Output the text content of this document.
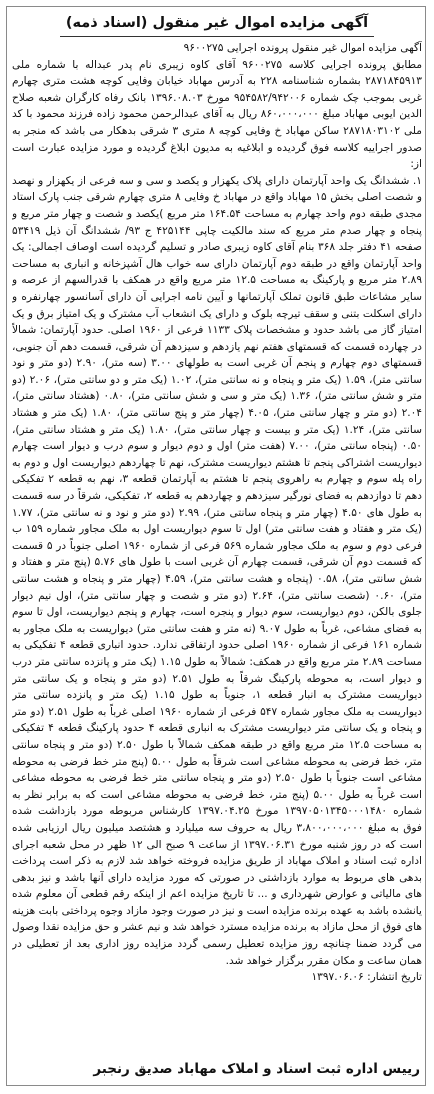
آگهی مزایده اموال غیر منقول (اسناد ذمه)

آگهی مزایده اموال غیر منقول پرونده اجرایی ۹۶۰۰۲۷۵

مطابق پرونده اجرایی کلاسه ۹۶۰۰۲۷۵ آقای کاوه زیبری نام پدر عبداله با شماره ملی ۲۸۷۱۸۴۵۹۱۳ بشماره شناسنامه ۲۲۸ به آدرس مهاباد خیابان وفایی کوچه هشت متری چهارم غربی بموجب چک شماره ۹۵۴۵۸۲/۹۴۲۰۰۶ مورخ ۱۳۹۶.۰۸.۰۳ بانک رفاه کارگران شعبه صلاح الدین ایوبی مهاباد مبلغ ۸۶۰،۰۰۰،۰۰۰ ریال به آقای عبدالرحمن محمود زاده فرزند محمود با کد ملی ۲۸۷۱۸۰۳۱۰۲ ساکن مهاباد خ وفایی کوچه ۸ متری ۳ شرقی بدهکار می باشد که منجر به صدور اجراییه کلاسه فوق گردیده و ابلاغیه به مدیون ابلاغ گردیده و مورد مزایده عبارت است از:

۱. ششدانگ یک واحد آپارتمان دارای پلاک یکهزار و یکصد و سی و سه فرعی از یکهزار و نهصد و شصت اصلی بخش ۱۵ مهاباد واقع در مهاباد خ وفایی ۸ متری چهارم شرقی جنب پارک استاد مجدی طبقه دوم واحد چهارم به مساحت ۱۶۴.۵۴ متر مربع )یکصد و شصت و چهار متر مربع و پنجاه و چهار صدم متر مربع که سند مالکیت چاپی ۴۲۵۱۴۴ ج ۹۳/ ششدانگ آن ذیل ۵۳۴۱۹ صفحه ۴۱ دفتر جلد ۳۶۸ بنام آقای کاوه زیبری صادر و تسلیم گردیده است اوصاف اجمالی: یک واحد آپارتمان واقع در طبقه دوم آپارتمان دارای سه خواب هال آشپزخانه و انباری به مساحت ۲.۸۹ متر مربع و پارکینگ به مساحت ۱۲.۵ متر مربع واقع در همکف با قدرالسهم از عرصه و سایر مشاعات طبق قانون تملک آپارتمانها و آیین نامه اجرایی آن دارای آسانسور چهارنفره و دارای اسکلت بتنی و سقف تیرچه بلوک و دارای یک انشعاب آب مشترک و یک امتیاز برق و یک امتیاز گاز می باشد حدود و مشخصات پلاک ۱۱۳۳ فرعی از ۱۹۶۰ اصلی. حدود آپارتمان: شمالاً در چهارده قسمت که قسمتهای هفتم نهم یازدهم و سیزدهم آن شرقی، قسمت دهم آن جنوبی، قسمتهای دوم چهارم و پنجم آن غربی است به طولهای ۳.۰۰ (سه متر)، ۲.۹۰ (دو متر و نود سانتی متر)، ۱.۵۹ (یک متر و پنجاه و نه سانتی متر)، ۱.۰۲ (یک متر و دو سانتی متر)، ۲.۰۶ (دو متر و شش سانتی متر)، ۱.۳۶ (یک متر و سی و شش سانتی متر)، ۰.۸۰ (هشتاد سانتی متر)، ۲.۰۴ (دو متر و چهار سانتی متر)، ۴.۰۵ (چهار متر و پنج سانتی متر)، ۱.۸۰ (یک متر و هشتاد سانتی متر)، ۱.۲۴ (یک متر و بیست و چهار سانتی متر)، ۱.۸۰ (یک متر و هشتاد سانتی متر)، ۰.۵۰ (پنجاه سانتی متر)، ۷.۰۰ (هفت متر) اول و دوم دیوار و سوم درب و دیوار است چهارم دیواریست اشتراکی پنجم تا هشتم دیواریست مشترک، نهم تا چهاردهم دیواریست اول و دوم به راه پله سوم و چهارم به راهروی پنجم تا هشتم به آپارتمان قطعه ۳، نهم به قطعه ۲ تفکیکی دهم تا دوازدهم به فضای نورگیر سیزدهم و چهاردهم به قطعه ۲، تفکیکی، شرقاً در سه قسمت به طول های ۴.۵۰ (چهار متر و پنجاه سانتی متر)، ۲.۹۹ (دو متر و نود و نه سانتی متر)، ۱.۷۷ (یک متر و هفتاد و هفت سانتی متر) اول تا سوم دیواریست اول به ملک مجاور شماره ۱۵۹ ب فرعی دوم و سوم به ملک مجاور شماره ۵۶۹ فرعی از شماره ۱۹۶۰ اصلی جنوباً در ۵ قسمت که قسمت دوم آن شرقی، قسمت چهارم آن غربی است با طول های ۵.۷۶ (پنج متر و هفتاد و شش سانتی متر)، ۰.۵۸ (پنجاه و هشت سانتی متر)، ۴.۵۹ (چهار متر و پنجاه و هشت سانتی متر)، ۰.۶۰ (شصت سانتی متر)، ۲.۶۴ (دو متر و شصت و چهار سانتی متر)، اول نیم دیوار جلوی بالکن، دوم دیواریست، سوم دیوار و پنجره است، چهارم و پنجم دیواریست، اول تا سوم به فضای مشاعی، غرباً به طول ۹.۰۷ (نه متر و هفت سانتی متر) دیواریست به ملک مجاور به شماره ۱۶۱ فرعی از شماره ۱۹۶۰ اصلی حدود ارتفاقی ندارد. حدود انباری قطعه ۴ تفکیکی به مساحت ۲.۸۹ متر مربع واقع در همکف: شمالاً به طول ۱.۱۵ (یک متر و پانزده سانتی متر درب و دیوار است، به محوطه پارکینگ شرقاً به طول ۲.۵۱ (دو متر و پنجاه و یک سانتی متر دیواریست مشترک به انبار قطعه ۱، جنوباً به طول ۱.۱۵ (یک متر و پانزده سانتی متر دیواریست به ملک مجاور شماره ۵۴۷ فرعی از شماره ۱۹۶۰ اصلی غرباً به طول ۲.۵۱ (دو متر و پنجاه و یک سانتی متر دیواریست مشترک به انباری قطعه ۴ حدود پارکینگ قطعه ۴ تفکیکی به مساحت ۱۲.۵ متر مربع واقع در طبقه همکف شمالاً با طول ۲.۵۰ (دو متر و پنجاه سانتی متر، خط فرضی به محوطه مشاعی است شرقاً به طول ۵.۰۰ (پنج متر خط فرضی به محوطه مشاعی است جنوباً با طول ۲.۵۰ (دو متر و پنجاه سانتی متر خط فرضی به محوطه مشاعی است غرباً به طول ۵.۰۰ (پنج متر، خط فرضی به محوطه مشاعی است که به برابر نظر به شماره ۱۳۹۷۰۵۰۱۳۴۵۰۰۰۱۴۸۰ مورخ ۱۳۹۷.۰۴.۲۵ کارشناس مربوطه مورد بازداشت شده فوق به مبلغ ۳،۸۰۰،۰۰۰،۰۰۰ ریال به حروف سه میلیارد و هشتصد میلیون ریال ارزیابی شده است که در روز شنبه مورخ ۱۳۹۷.۰۶.۳۱ از ساعت ۹ صبح الی ۱۲ ظهر در محل شعبه اجرای اداره ثبت اسناد و املاک مهاباد از طریق مزایده فروخته خواهد شد لازم به ذکر است پرداخت بدهی های مربوط به موارد بازداشتی در صورتی که مورد مزایده دارای آنها باشد و نیز بدهی های مالیاتی و عوارض شهرداری و ... تا تاریخ مزایده اعم از اینکه رقم قطعی آن معلوم شده یانشده باشد به عهده برنده مزایده است و نیز در صورت وجود مازاد وجوه پرداختی بابت هزینه های فوق از محل مازاد به برنده مزایده مسترد خواهد شد و نیم عشر و حق مزایده نقدا وصول می گردد ضمنا چنانچه روز مزایده تعطیل رسمی گردد مزایده روز اداری بعد از تعطیلی در همان ساعت و مکان مقرر برگزار خواهد شد.

تاریخ انتشار: ۱۳۹۷.۰۶.۰۶

رییس اداره ثبت اسناد و املاک مهاباد صدیق رنجبر
